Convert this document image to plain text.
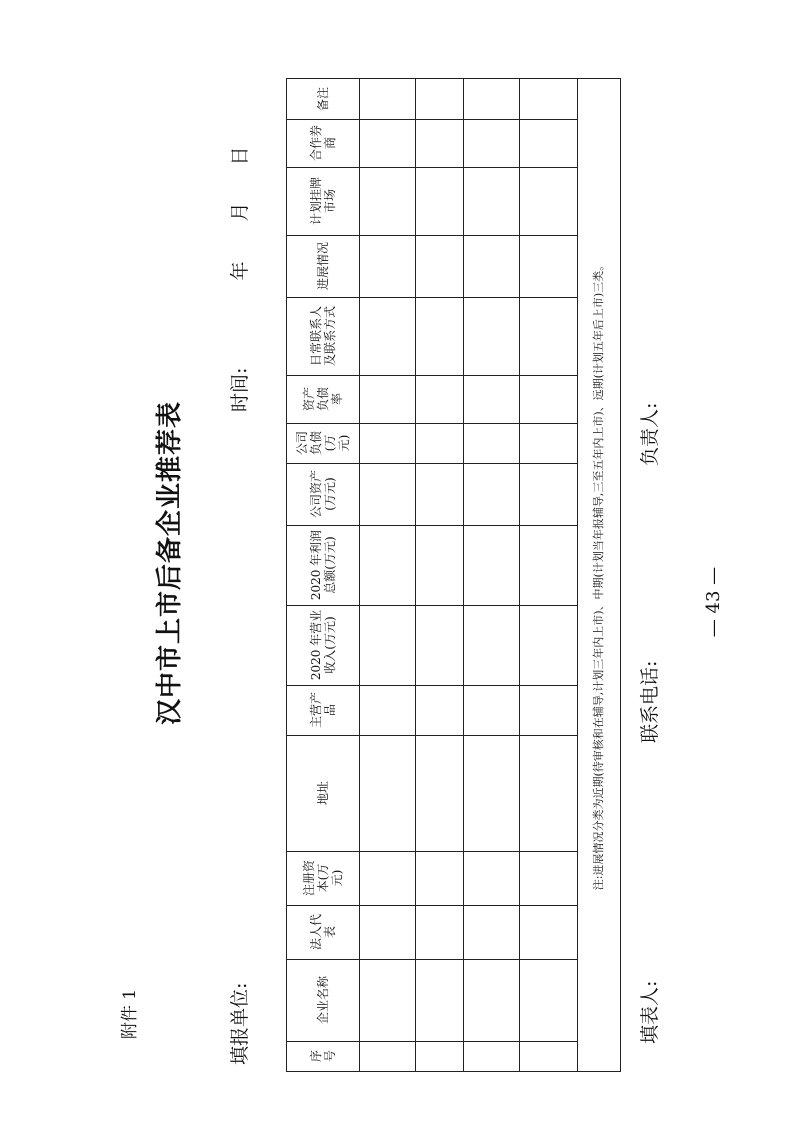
附件 1
汉中市上市后备企业推荐表
填报单位:
时间:
年
月
日
序
号
企业名称
法人代
表
注册资
本(万
元)
地址
主营产
品
2020 年营业
收入(万元)
2020 年利润
总额(万元)
公司资产
(万元)
公司
负债
(万
元)
资产
负债
率
日常联系人
及联系方式
进展情况
计划挂牌
市场
合作券
商
备注
注:进展情况分类为近期(待审核和在辅导,计划三年内上市)、中期(计划当年报辅导,三至五年内上市)、远期(计划五年后上市)三类。
填表人:
联系电话:
负责人:
— 43 —
